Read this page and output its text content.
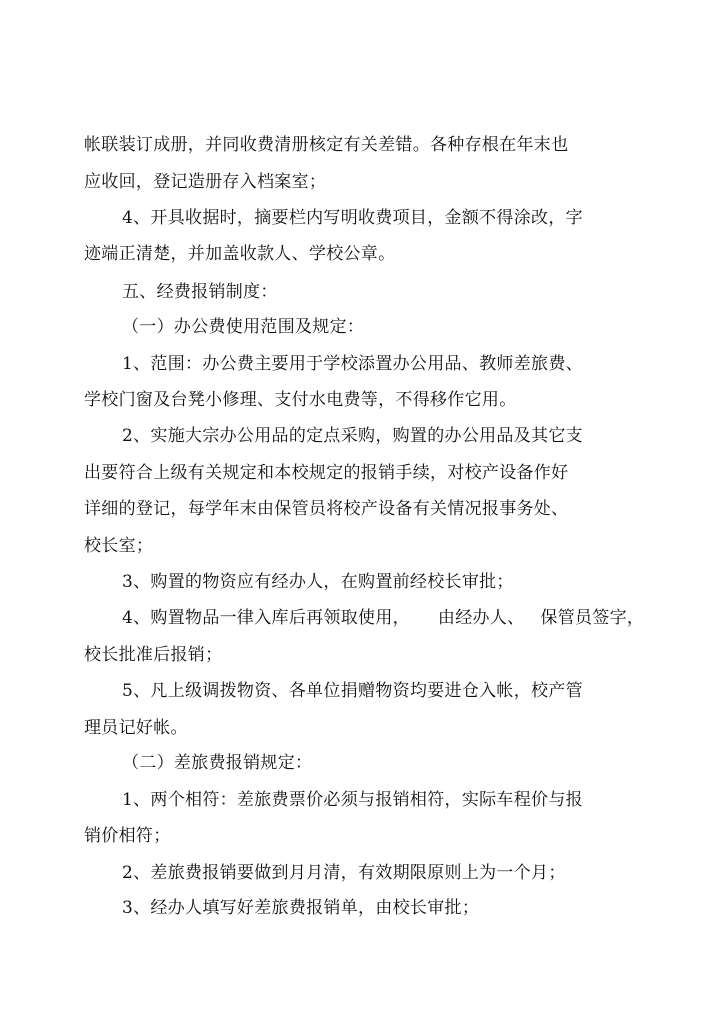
帐联装订成册，并同收费清册核定有关差错。各种存根在年末也
应收回，登记造册存入档案室；
4、开具收据时，摘要栏内写明收费项目，金额不得涂改，字
迹端正清楚，并加盖收款人、学校公章。
五、经费报销制度：
（一）办公费使用范围及规定：
1、范围：办公费主要用于学校添置办公用品、教师差旅费、
学校门窗及台凳小修理、支付水电费等，不得移作它用。
2、实施大宗办公用品的定点采购，购置的办公用品及其它支
出要符合上级有关规定和本校规定的报销手续，对校产设备作好
详细的登记，每学年末由保管员将校产设备有关情况报事务处、
校长室；
3、购置的物资应有经办人，在购置前经校长审批；
4、购置物品一律入库后再领取使用， 由经办人、 保管员签字，
校长批准后报销；
5、凡上级调拨物资、各单位捐赠物资均要进仓入帐，校产管
理员记好帐。
（二）差旅费报销规定：
1、两个相符：差旅费票价必须与报销相符，实际车程价与报
销价相符；
2、差旅费报销要做到月月清，有效期限原则上为一个月；
3、经办人填写好差旅费报销单，由校长审批；
